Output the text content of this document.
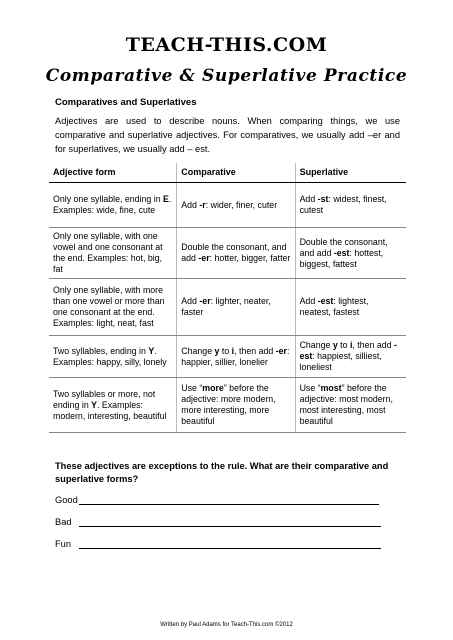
TEACH-THIS.COM
Comparative & Superlative Practice
Comparatives and Superlatives
Adjectives are used to describe nouns. When comparing things, we use comparative and superlative adjectives. For comparatives, we usually add –er and for superlatives, we usually add – est.
Adjective form	Comparative	Superlative
Only one syllable, ending in E. Examples: wide, fine, cute	Add -r: wider, finer, cuter	Add -st: widest, finest, cutest
Only one syllable, with one vowel and one consonant at the end. Examples: hot, big, fat	Double the consonant, and add -er: hotter, bigger, fatter	Double the consonant, and add -est: hottest, biggest, fattest
Only one syllable, with more than one vowel or more than one consonant at the end. Examples: light, neat, fast	Add -er: lighter, neater, faster	Add -est: lightest, neatest, fastest
Two syllables, ending in Y. Examples: happy, silly, lonely	Change y to i, then add -er: happier, sillier, lonelier	Change y to i, then add -est: happiest, silliest, loneliest
Two syllables or more, not ending in Y. Examples: modern, interesting, beautiful	Use “more” before the adjective: more modern, more interesting, more beautiful	Use “most” before the adjective: most modern, most interesting, most beautiful
These adjectives are exceptions to the rule. What are their comparative and superlative forms?
Good
Bad
Fun
Written by Paul Adams for Teach-This.com ©2012
